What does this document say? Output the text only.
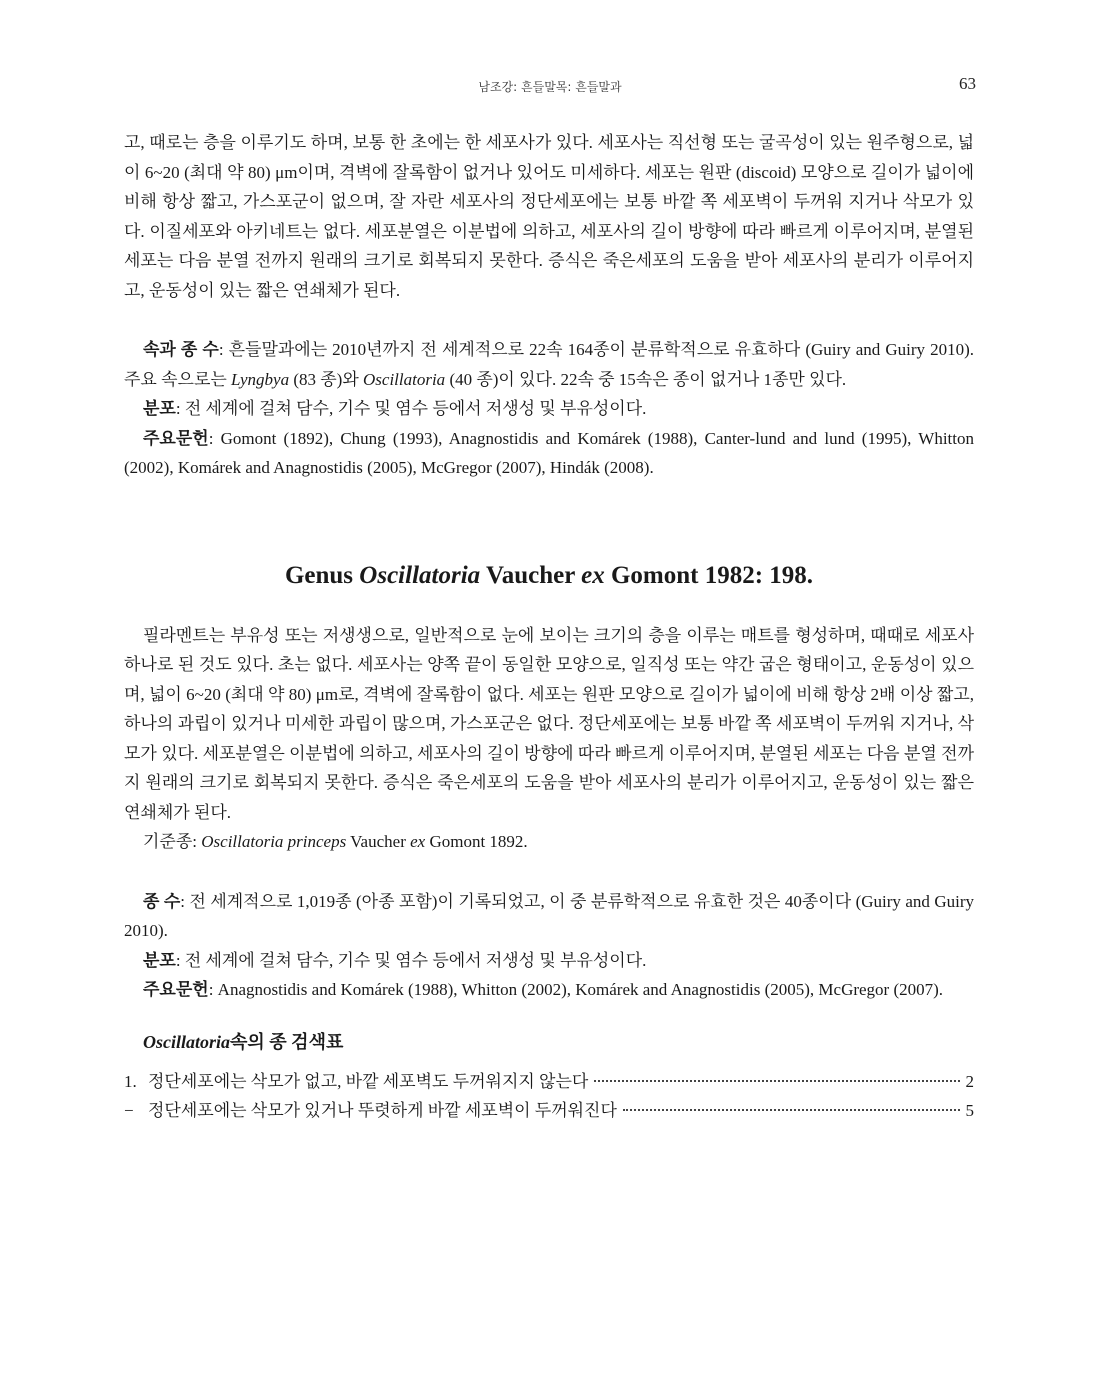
남조강: 흔들말목: 흔들말과	63

고, 때로는 층을 이루기도 하며, 보통 한 초에는 한 세포사가 있다. 세포사는 직선형 또는 굴곡성이 있는 원주형으로, 넓이 6~20 (최대 약 80) μm이며, 격벽에 잘록함이 없거나 있어도 미세하다. 세포는 원판 (discoid) 모양으로 길이가 넓이에 비해 항상 짧고, 가스포군이 없으며, 잘 자란 세포사의 정단세포에는 보통 바깥 쪽 세포벽이 두꺼워 지거나 삭모가 있다. 이질세포와 아키네트는 없다. 세포분열은 이분법에 의하고, 세포사의 길이 방향에 따라 빠르게 이루어지며, 분열된 세포는 다음 분열 전까지 원래의 크기로 회복되지 못한다. 증식은 죽은세포의 도움을 받아 세포사의 분리가 이루어지고, 운동성이 있는 짧은 연쇄체가 된다.

속과 종 수: 흔들말과에는 2010년까지 전 세계적으로 22속 164종이 분류학적으로 유효하다 (Guiry and Guiry 2010). 주요 속으로는 Lyngbya (83 종)와 Oscillatoria (40 종)이 있다. 22속 중 15속은 종이 없거나 1종만 있다.

분포: 전 세계에 걸쳐 담수, 기수 및 염수 등에서 저생성 및 부유성이다.

주요문헌: Gomont (1892), Chung (1993), Anagnostidis and Komárek (1988), Canter-lund and lund (1995), Whitton (2002), Komárek and Anagnostidis (2005), McGregor (2007), Hindák (2008).

Genus Oscillatoria Vaucher ex Gomont 1982: 198.

필라멘트는 부유성 또는 저생생으로, 일반적으로 눈에 보이는 크기의 층을 이루는 매트를 형성하며, 때때로 세포사 하나로 된 것도 있다. 초는 없다. 세포사는 양쪽 끝이 동일한 모양으로, 일직성 또는 약간 굽은 형태이고, 운동성이 있으며, 넓이 6~20 (최대 약 80) μm로, 격벽에 잘록함이 없다. 세포는 원판 모양으로 길이가 넓이에 비해 항상 2배 이상 짧고, 하나의 과립이 있거나 미세한 과립이 많으며, 가스포군은 없다. 정단세포에는 보통 바깥 쪽 세포벽이 두꺼워 지거나, 삭모가 있다. 세포분열은 이분법에 의하고, 세포사의 길이 방향에 따라 빠르게 이루어지며, 분열된 세포는 다음 분열 전까지 원래의 크기로 회복되지 못한다. 증식은 죽은세포의 도움을 받아 세포사의 분리가 이루어지고, 운동성이 있는 짧은 연쇄체가 된다.

기준종: Oscillatoria princeps Vaucher ex Gomont 1892.

종 수: 전 세계적으로 1,019종 (아종 포함)이 기록되었고, 이 중 분류학적으로 유효한 것은 40종이다 (Guiry and Guiry 2010).

분포: 전 세계에 걸쳐 담수, 기수 및 염수 등에서 저생성 및 부유성이다.

주요문헌: Anagnostidis and Komárek (1988), Whitton (2002), Komárek and Anagnostidis (2005), McGregor (2007).

Oscillatoria속의 종 검색표

1. 정단세포에는 삭모가 없고, 바깥 세포벽도 두꺼워지지 않는다	2
− 정단세포에는 삭모가 있거나 뚜렷하게 바깥 세포벽이 두꺼워진다	5
